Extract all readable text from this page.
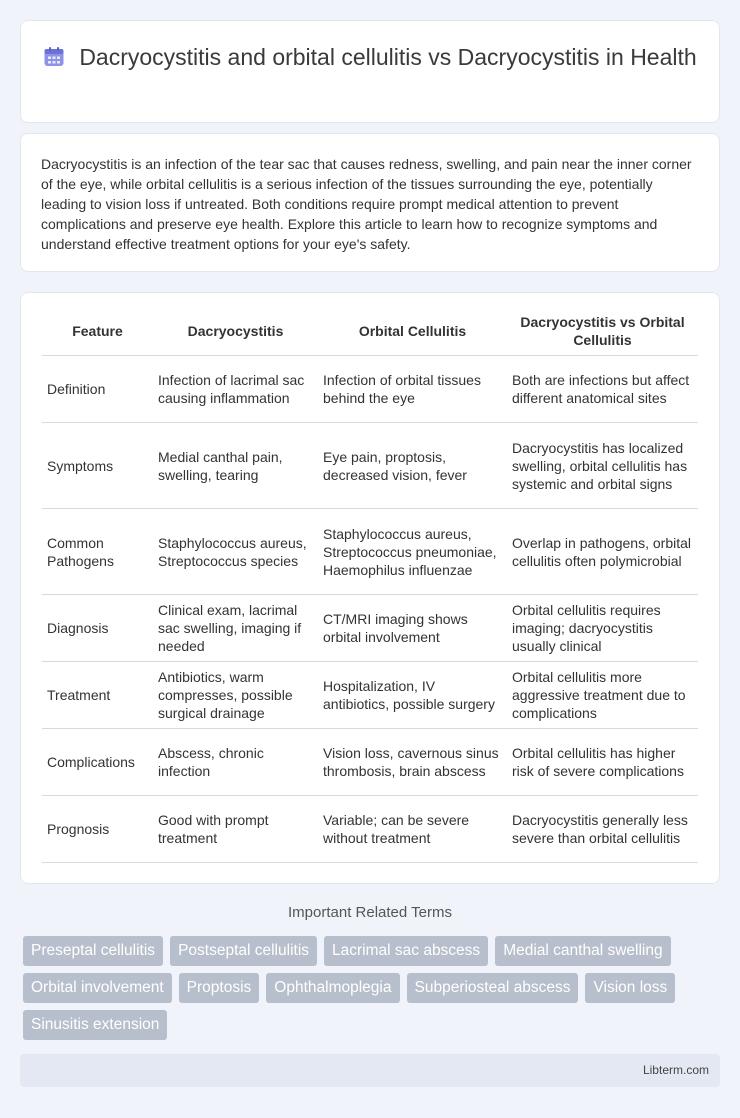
Dacryocystitis and orbital cellulitis vs Dacryocystitis in Health

Dacryocystitis is an infection of the tear sac that causes redness, swelling, and pain near the inner corner of the eye, while orbital cellulitis is a serious infection of the tissues surrounding the eye, potentially leading to vision loss if untreated. Both conditions require prompt medical attention to prevent complications and preserve eye health. Explore this article to learn how to recognize symptoms and understand effective treatment options for your eye's safety.

Feature	Dacryocystitis	Orbital Cellulitis	Dacryocystitis vs Orbital Cellulitis
Definition	Infection of lacrimal sac causing inflammation	Infection of orbital tissues behind the eye	Both are infections but affect different anatomical sites
Symptoms	Medial canthal pain, swelling, tearing	Eye pain, proptosis, decreased vision, fever	Dacryocystitis has localized swelling, orbital cellulitis has systemic and orbital signs
Common Pathogens	Staphylococcus aureus, Streptococcus species	Staphylococcus aureus, Streptococcus pneumoniae, Haemophilus influenzae	Overlap in pathogens, orbital cellulitis often polymicrobial
Diagnosis	Clinical exam, lacrimal sac swelling, imaging if needed	CT/MRI imaging shows orbital involvement	Orbital cellulitis requires imaging; dacryocystitis usually clinical
Treatment	Antibiotics, warm compresses, possible surgical drainage	Hospitalization, IV antibiotics, possible surgery	Orbital cellulitis more aggressive treatment due to complications
Complications	Abscess, chronic infection	Vision loss, cavernous sinus thrombosis, brain abscess	Orbital cellulitis has higher risk of severe complications
Prognosis	Good with prompt treatment	Variable; can be severe without treatment	Dacryocystitis generally less severe than orbital cellulitis
Important Related Terms
Preseptal cellulitis	Postseptal cellulitis	Lacrimal sac abscess	Medial canthal swelling
Orbital involvement	Proptosis	Ophthalmoplegia	Subperiosteal abscess	Vision loss
Sinusitis extension
Libterm.com
